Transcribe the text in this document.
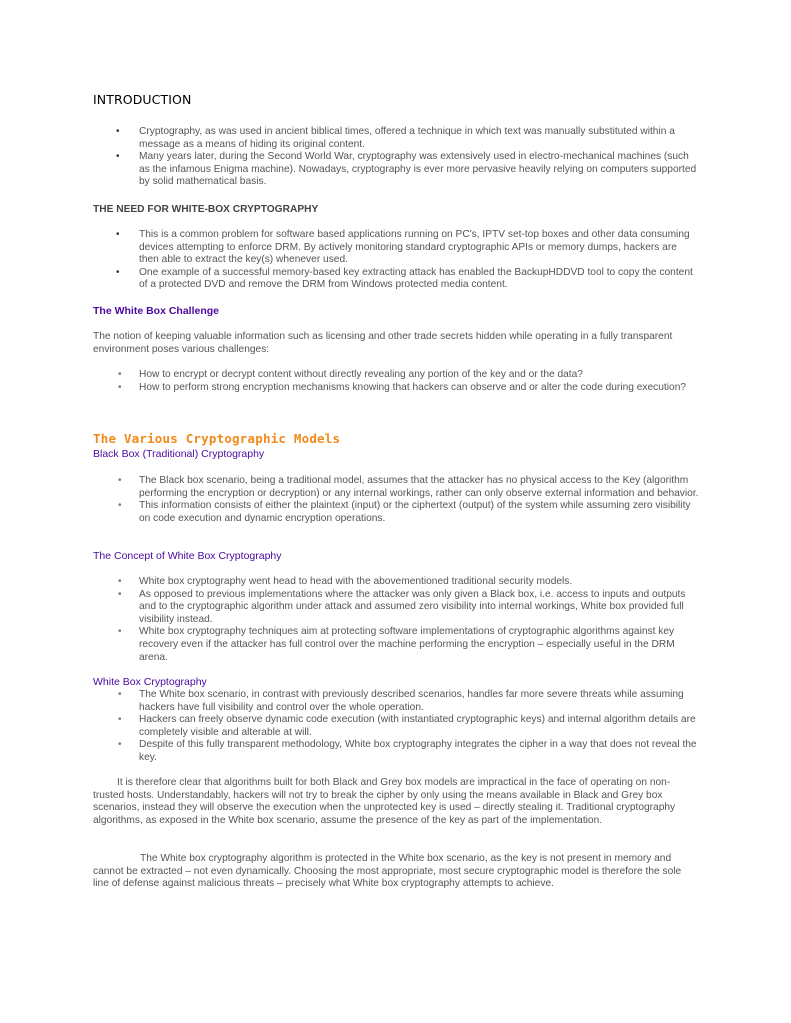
INTRODUCTION
• Cryptography, as was used in ancient biblical times, offered a technique in which text was manually substituted within a message as a means of hiding its original content.
• Many years later, during the Second World War, cryptography was extensively used in electro-mechanical machines (such as the infamous Enigma machine). Nowadays, cryptography is ever more pervasive heavily relying on computers supported by solid mathematical basis.
THE NEED FOR WHITE-BOX CRYPTOGRAPHY
• This is a common problem for software based applications running on PC's, IPTV set-top boxes and other data consuming devices attempting to enforce DRM. By actively monitoring standard cryptographic APIs or memory dumps, hackers are then able to extract the key(s) whenever used.
• One example of a successful memory-based key extracting attack has enabled the BackupHDDVD tool to copy the content of a protected DVD and remove the DRM from Windows protected media content.
The White Box Challenge

The notion of keeping valuable information such as licensing and other trade secrets hidden while operating in a fully transparent environment poses various challenges:

• How to encrypt or decrypt content without directly revealing any portion of the key and or the data?
• How to perform strong encryption mechanisms knowing that hackers can observe and or alter the code during execution?
The Various Cryptographic Models
Black Box (Traditional) Cryptography
• The Black box scenario, being a traditional model, assumes that the attacker has no physical access to the Key (algorithm performing the encryption or decryption) or any internal workings, rather can only observe external information and behavior.
• This information consists of either the plaintext (input) or the ciphertext (output) of the system while assuming zero visibility on code execution and dynamic encryption operations.
The Concept of White Box Cryptography
• White box cryptography went head to head with the abovementioned traditional security models.
• As opposed to previous implementations where the attacker was only given a Black box, i.e. access to inputs and outputs and to the cryptographic algorithm under attack and assumed zero visibility into internal workings, White box provided full visibility instead.
• White box cryptography techniques aim at protecting software implementations of cryptographic algorithms against key recovery even if the attacker has full control over the machine performing the encryption – especially useful in the DRM arena.
White Box Cryptography
• The White box scenario, in contrast with previously described scenarios, handles far more severe threats while assuming hackers have full visibility and control over the whole operation.
• Hackers can freely observe dynamic code execution (with instantiated cryptographic keys) and internal algorithm details are completely visible and alterable at will.
• Despite of this fully transparent methodology, White box cryptography integrates the cipher in a way that does not reveal the key.

It is therefore clear that algorithms built for both Black and Grey box models are impractical in the face of operating on non-trusted hosts. Understandably, hackers will not try to break the cipher by only using the means available in Black and Grey box scenarios, instead they will observe the execution when the unprotected key is used – directly stealing it. Traditional cryptography algorithms, as exposed in the White box scenario, assume the presence of the key as part of the implementation.

The White box cryptography algorithm is protected in the White box scenario, as the key is not present in memory and cannot be extracted – not even dynamically. Choosing the most appropriate, most secure cryptographic model is therefore the sole line of defense against malicious threats – precisely what White box cryptography attempts to achieve.
